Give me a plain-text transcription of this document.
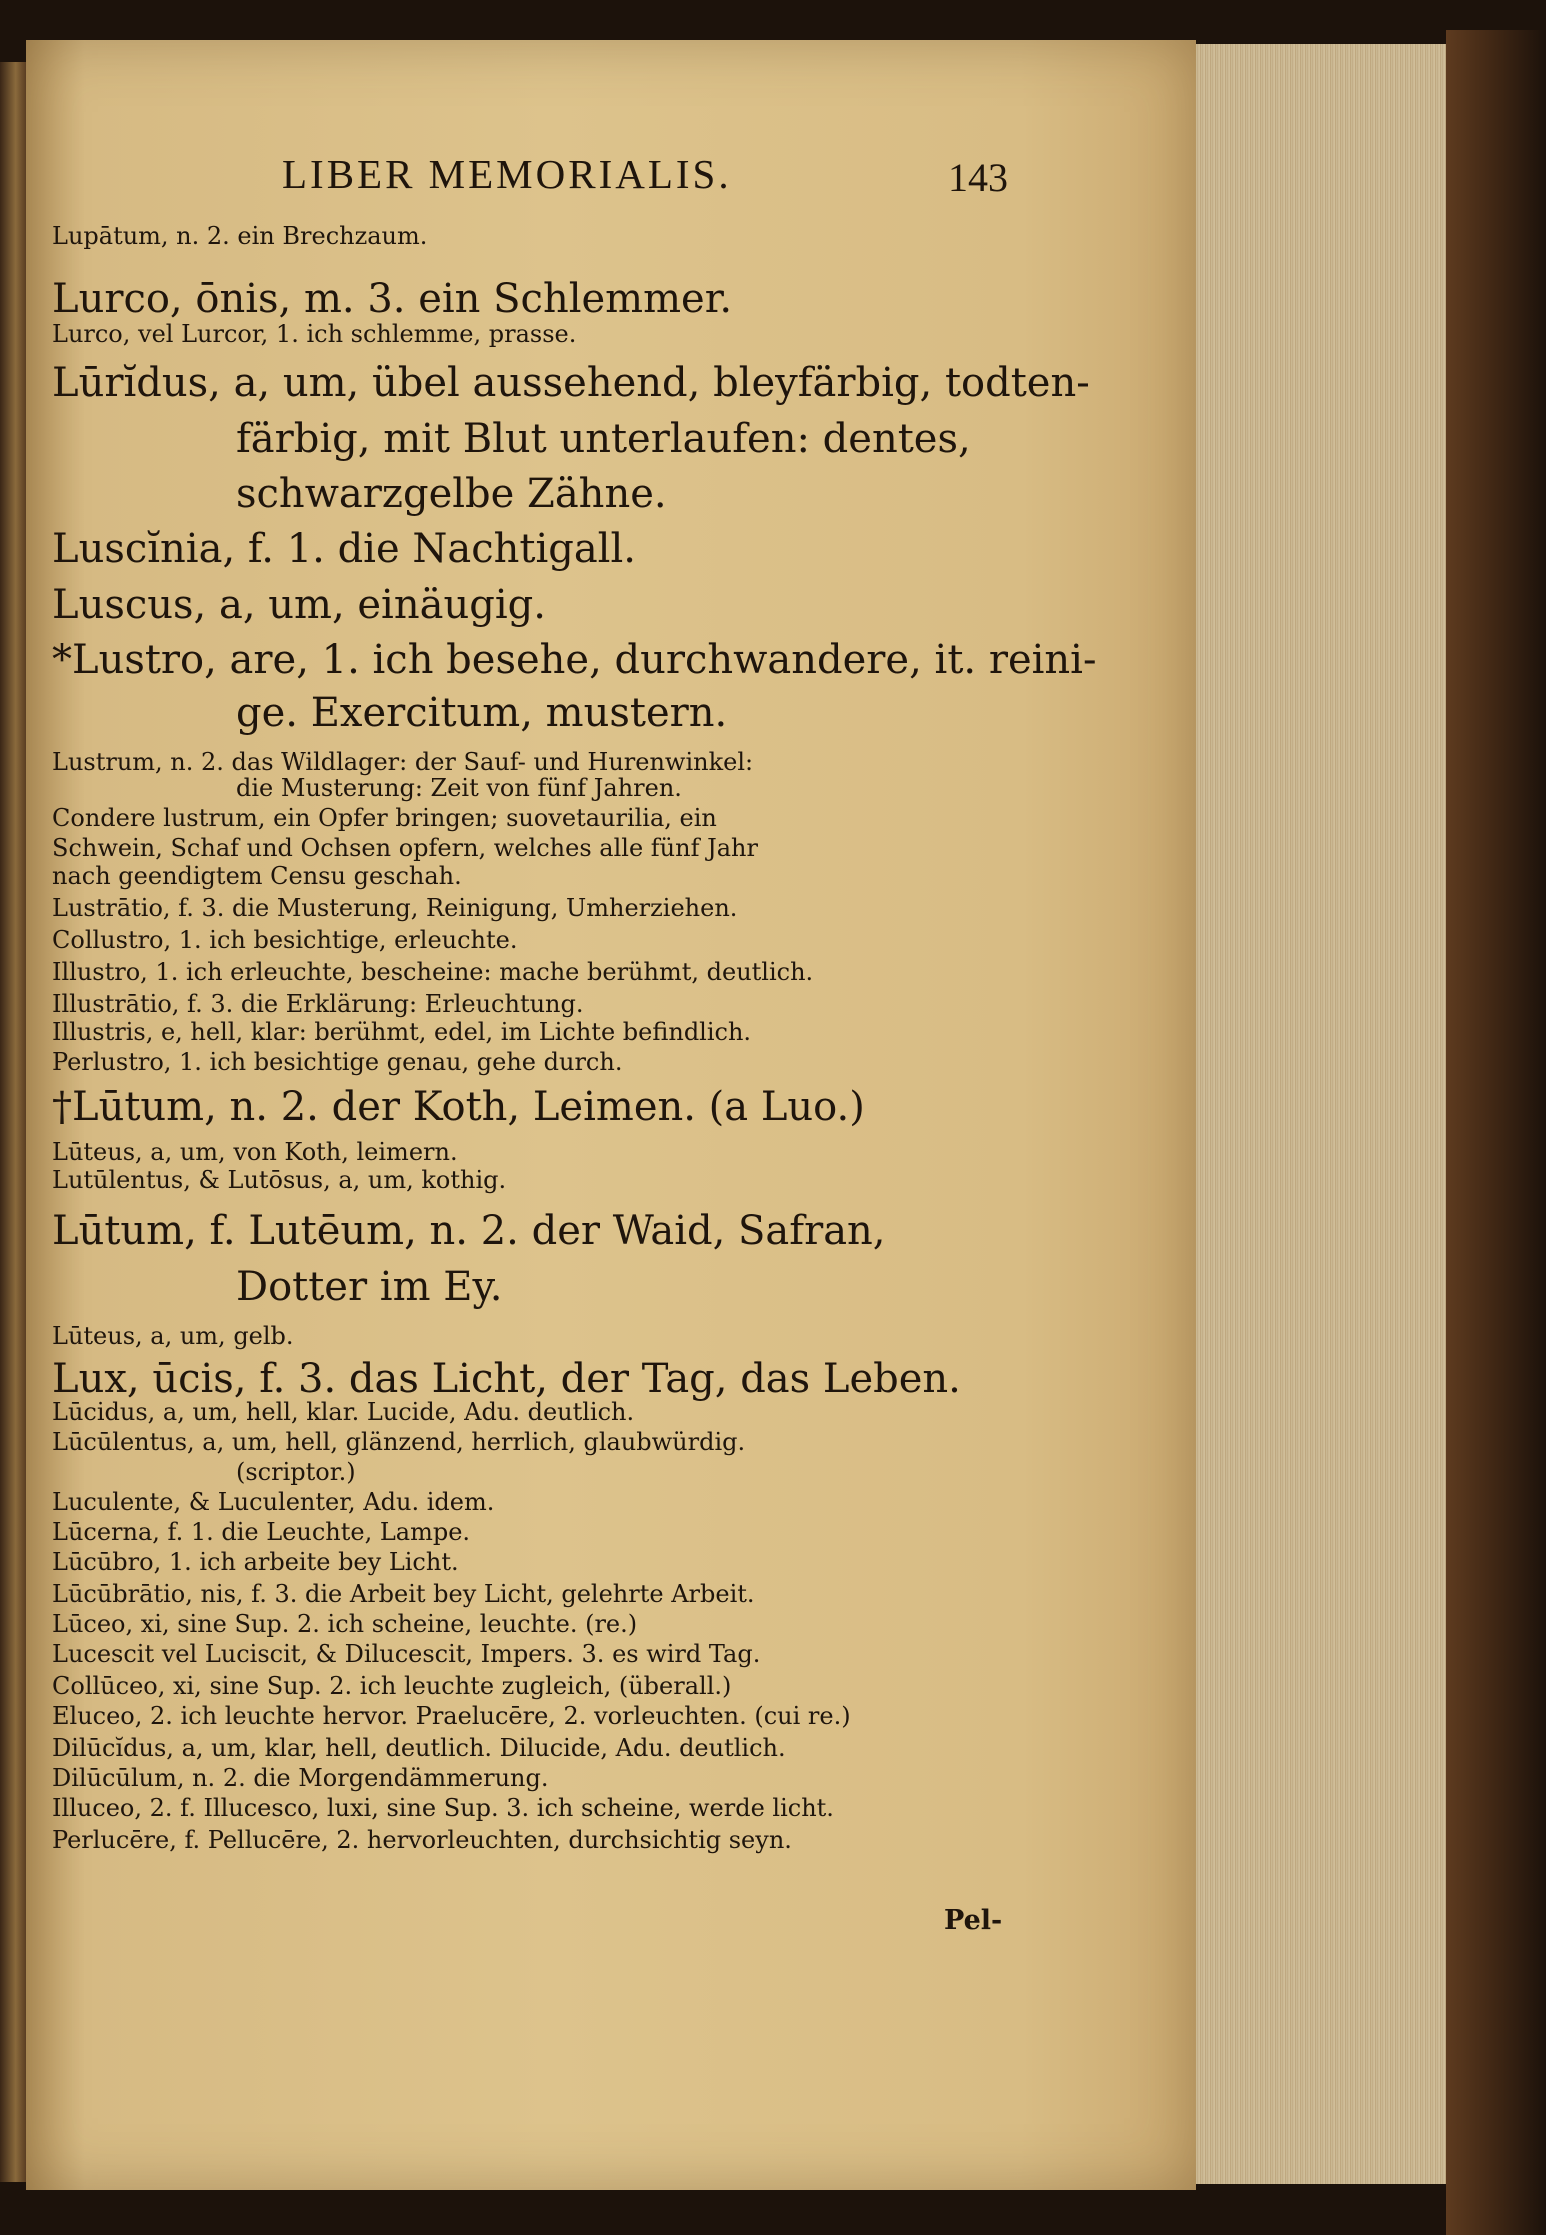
LIBER MEMORIALIS.	143
Lupātum, n. 2. ein Brechzaum.
Lurco, ōnis, m. 3. ein Schlemmer.
Lurco, vel Lurcor, 1. ich schlemme, prasse.
Lūrĭdus, a, um, übel aussehend, bleyfärbig, todten-
färbig, mit Blut unterlaufen: dentes,
schwarzgelbe Zähne.
Luscĭnia, f. 1. die Nachtigall.
Luscus, a, um, einäugig.
*Lustro, are, 1. ich besehe, durchwandere, it. reini-
ge. Exercitum, mustern.
Lustrum, n. 2. das Wildlager: der Sauf- und Hurenwinkel:
die Musterung: Zeit von fünf Jahren.
Condere lustrum, ein Opfer bringen; suovetaurilia, ein
Schwein, Schaf und Ochsen opfern, welches alle fünf Jahr
nach geendigtem Censu geschah.
Lustrātio, f. 3. die Musterung, Reinigung, Umherziehen.
Collustro, 1. ich besichtige, erleuchte.
Illustro, 1. ich erleuchte, bescheine: mache berühmt, deutlich.
Illustrātio, f. 3. die Erklärung: Erleuchtung.
Illustris, e, hell, klar: berühmt, edel, im Lichte befindlich.
Perlustro, 1. ich besichtige genau, gehe durch.
†Lūtum, n. 2. der Koth, Leimen. (a Luo.)
Lūteus, a, um, von Koth, leimern.
Lutūlentus, & Lutōsus, a, um, kothig.
Lūtum, f. Lutēum, n. 2. der Waid, Safran,
Dotter im Ey.
Lūteus, a, um, gelb.
Lux, ūcis, f. 3. das Licht, der Tag, das Leben.
Lūcidus, a, um, hell, klar. Lucide, Adu. deutlich.
Lūcūlentus, a, um, hell, glänzend, herrlich, glaubwürdig.
(scriptor.)
Luculente, & Luculenter, Adu. idem.
Lūcerna, f. 1. die Leuchte, Lampe.
Lūcūbro, 1. ich arbeite bey Licht.
Lūcūbrātio, nis, f. 3. die Arbeit bey Licht, gelehrte Arbeit.
Lūceo, xi, sine Sup. 2. ich scheine, leuchte. (re.)
Lucescit vel Luciscit, & Dilucescit, Impers. 3. es wird Tag.
Collūceo, xi, sine Sup. 2. ich leuchte zugleich, (überall.)
Eluceo, 2. ich leuchte hervor. Praelucēre, 2. vorleuchten. (cui re.)
Dilūcĭdus, a, um, klar, hell, deutlich. Dilucide, Adu. deutlich.
Dilūcūlum, n. 2. die Morgendämmerung.
Illuceo, 2. f. Illucesco, luxi, sine Sup. 3. ich scheine, werde licht.
Perlucēre, f. Pellucēre, 2. hervorleuchten, durchsichtig seyn.
Pel-
